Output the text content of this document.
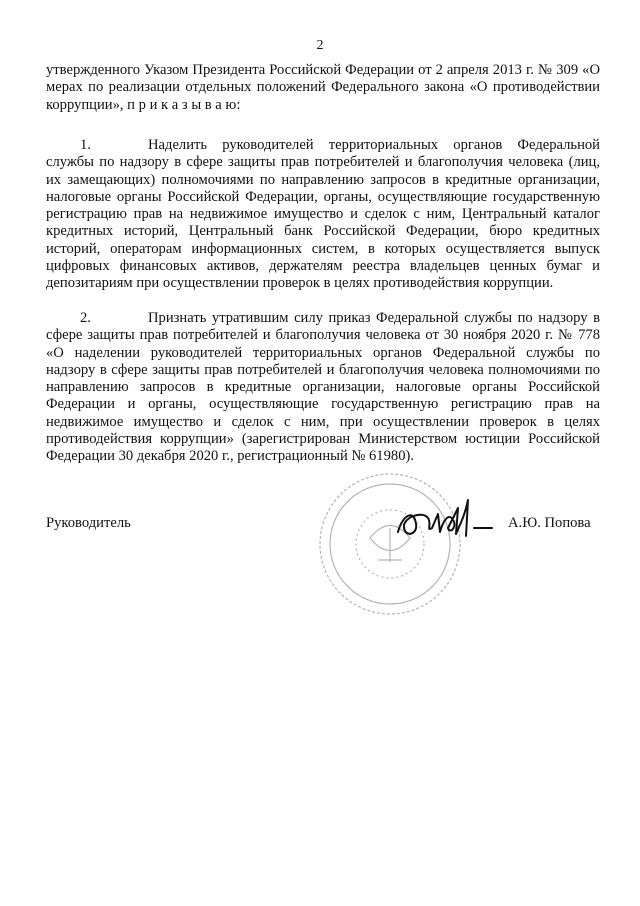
2

утвержденного Указом Президента Российской Федерации от 2 апреля 2013 г. № 309 «О мерах по реализации отдельных положений Федерального закона «О противодействии коррупции», п р и к а з ы в а ю:

1.	Наделить руководителей территориальных органов Федеральной службы по надзору в сфере защиты прав потребителей и благополучия человека (лиц, их замещающих) полномочиями по направлению запросов в кредитные организации, налоговые органы Российской Федерации, органы, осуществляющие государственную регистрацию прав на недвижимое имущество и сделок с ним, Центральный каталог кредитных историй, Центральный банк Российской Федерации, бюро кредитных историй, операторам информационных систем, в которых осуществляется выпуск цифровых финансовых активов, держателям реестра владельцев ценных бумаг и депозитариям при осуществлении проверок в целях противодействия коррупции.

2.	Признать утратившим силу приказ Федеральной службы по надзору в сфере защиты прав потребителей и благополучия человека от 30 ноября 2020 г. № 778 «О наделении руководителей территориальных органов Федеральной службы по надзору в сфере защиты прав потребителей и благополучия человека полномочиями по направлению запросов в кредитные организации, налоговые органы Российской Федерации и органы, осуществляющие государственную регистрацию прав на недвижимое имущество и сделок с ним, при осуществлении проверок в целях противодействия коррупции» (зарегистрирован Министерством юстиции Российской Федерации 30 декабря 2020 г., регистрационный № 61980).

Руководитель	А.Ю. Попова
